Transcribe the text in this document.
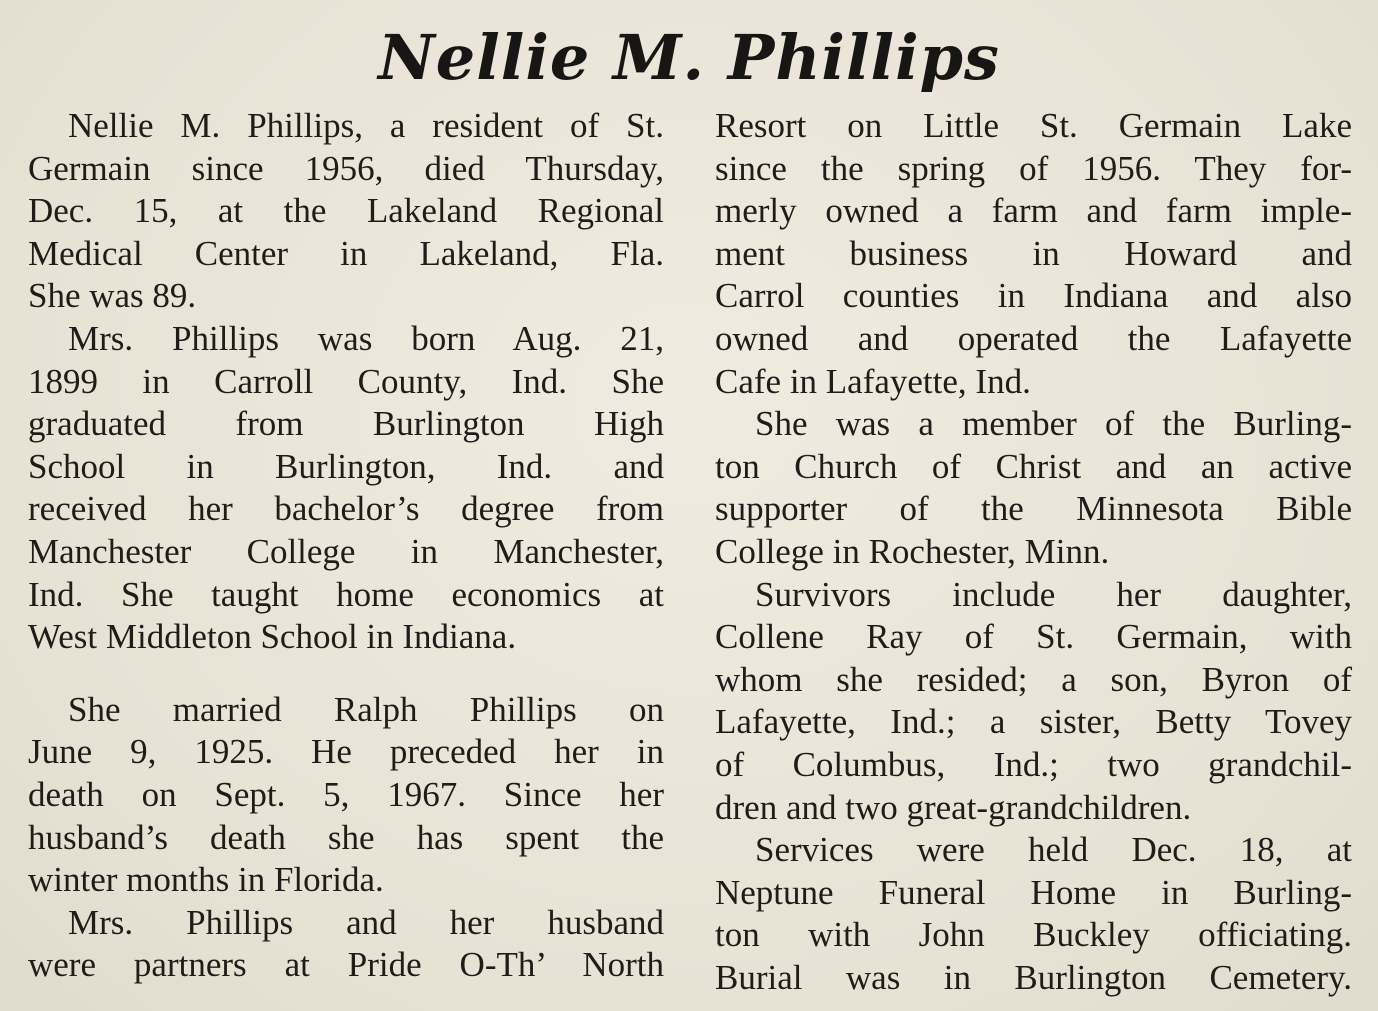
Nellie M. Phillips
Nellie M. Phillips, a resident of St.
Germain since 1956, died Thursday,
Dec. 15, at the Lakeland Regional
Medical Center in Lakeland, Fla.
She was 89.
Mrs. Phillips was born Aug. 21,
1899 in Carroll County, Ind. She
graduated from Burlington High
School in Burlington, Ind. and
received her bachelor’s degree from
Manchester College in Manchester,
Ind. She taught home economics at
West Middleton School in Indiana.
She married Ralph Phillips on
June 9, 1925. He preceded her in
death on Sept. 5, 1967. Since her
husband’s death she has spent the
winter months in Florida.
Mrs. Phillips and her husband
were partners at Pride O-Th’ North
Resort on Little St. Germain Lake
since the spring of 1956. They for-
merly owned a farm and farm imple-
ment business in Howard and
Carrol counties in Indiana and also
owned and operated the Lafayette
Cafe in Lafayette, Ind.
She was a member of the Burling-
ton Church of Christ and an active
supporter of the Minnesota Bible
College in Rochester, Minn.
Survivors include her daughter,
Collene Ray of St. Germain, with
whom she resided; a son, Byron of
Lafayette, Ind.; a sister, Betty Tovey
of Columbus, Ind.; two grandchil-
dren and two great-grandchildren.
Services were held Dec. 18, at
Neptune Funeral Home in Burling-
ton with John Buckley officiating.
Burial was in Burlington Cemetery.
